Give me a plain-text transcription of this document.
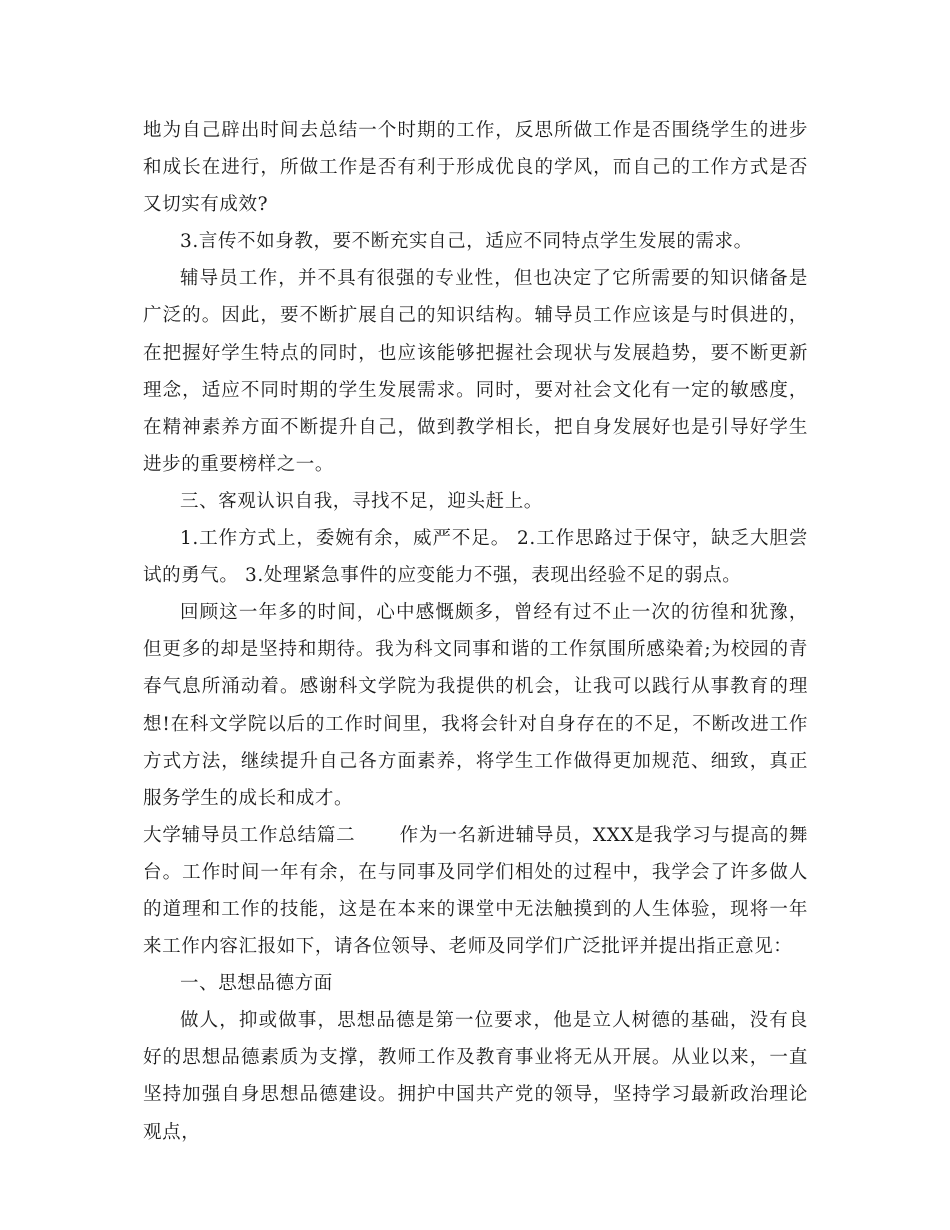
地为自己辟出时间去总结一个时期的工作，反思所做工作是否围绕学生的进步和成长在进行，所做工作是否有利于形成优良的学风，而自己的工作方式是否又切实有成效?

3.言传不如身教，要不断充实自己，适应不同特点学生发展的需求。

辅导员工作，并不具有很强的专业性，但也决定了它所需要的知识储备是广泛的。因此，要不断扩展自己的知识结构。辅导员工作应该是与时俱进的，在把握好学生特点的同时，也应该能够把握社会现状与发展趋势，要不断更新理念，适应不同时期的学生发展需求。同时，要对社会文化有一定的敏感度，在精神素养方面不断提升自己，做到教学相长，把自身发展好也是引导好学生进步的重要榜样之一。

三、客观认识自我，寻找不足，迎头赶上。

1.工作方式上，委婉有余，威严不足。 2.工作思路过于保守，缺乏大胆尝试的勇气。 3.处理紧急事件的应变能力不强，表现出经验不足的弱点。

回顾这一年多的时间，心中感慨颇多，曾经有过不止一次的彷徨和犹豫，但更多的却是坚持和期待。我为科文同事和谐的工作氛围所感染着;为校园的青春气息所涌动着。感谢科文学院为我提供的机会，让我可以践行从事教育的理想!在科文学院以后的工作时间里，我将会针对自身存在的不足，不断改进工作方式方法，继续提升自己各方面素养，将学生工作做得更加规范、细致，真正服务学生的成长和成才。

大学辅导员工作总结篇二 作为一名新进辅导员，XXX是我学习与提高的舞台。工作时间一年有余，在与同事及同学们相处的过程中，我学会了许多做人的道理和工作的技能，这是在本来的课堂中无法触摸到的人生体验，现将一年来工作内容汇报如下，请各位领导、老师及同学们广泛批评并提出指正意见：

一、思想品德方面

做人，抑或做事，思想品德是第一位要求，他是立人树德的基础，没有良好的思想品德素质为支撑，教师工作及教育事业将无从开展。从业以来，一直坚持加强自身思想品德建设。拥护中国共产党的领导，坚持学习最新政治理论观点，
